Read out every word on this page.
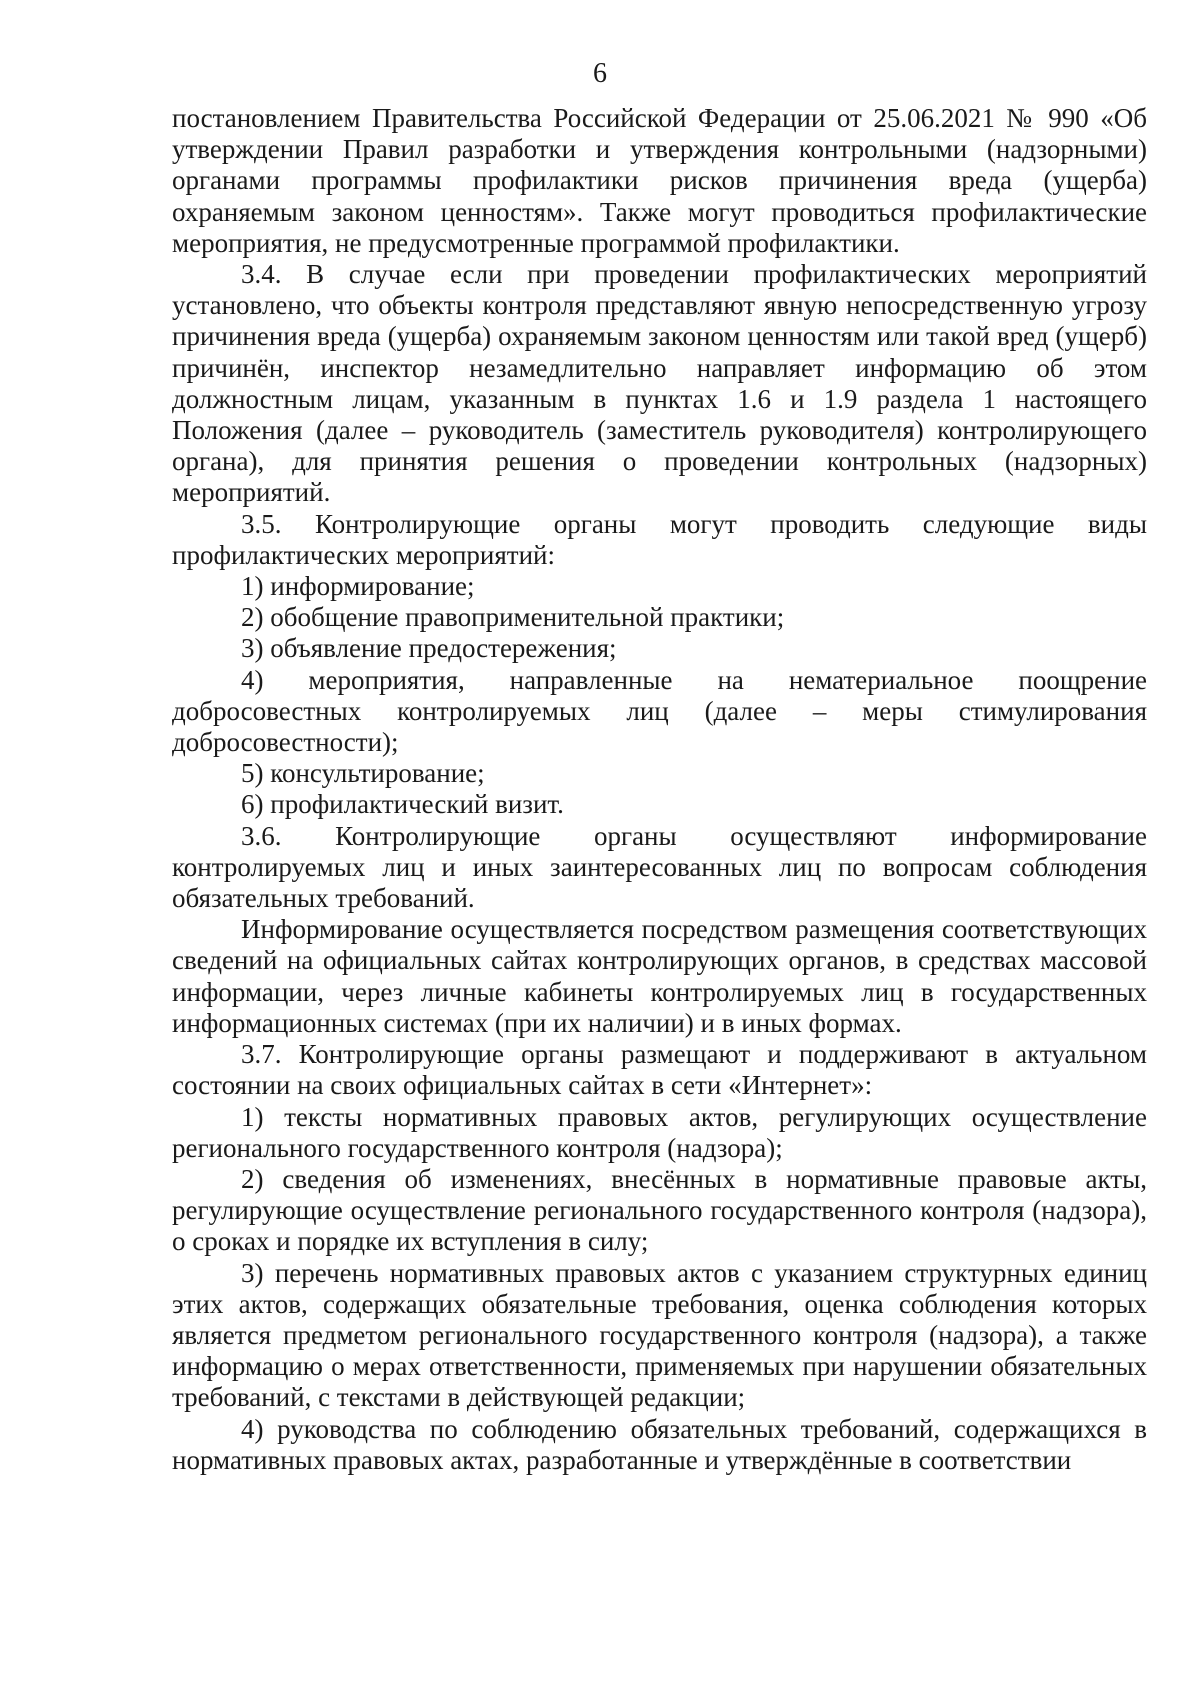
6

постановлением Правительства Российской Федерации от 25.06.2021 № 990 «Об утверждении Правил разработки и утверждения контрольными (надзорными) органами программы профилактики рисков причинения вреда (ущерба) охраняемым законом ценностям». Также могут проводиться профилактические мероприятия, не предусмотренные программой профилактики.

3.4. В случае если при проведении профилактических мероприятий установлено, что объекты контроля представляют явную непосредственную угрозу причинения вреда (ущерба) охраняемым законом ценностям или такой вред (ущерб) причинён, инспектор незамедлительно направляет информацию об этом должностным лицам, указанным в пунктах 1.6 и 1.9 раздела 1 настоящего Положения (далее – руководитель (заместитель руководителя) контролирующего органа), для принятия решения о проведении контрольных (надзорных) мероприятий.

3.5. Контролирующие органы могут проводить следующие виды профилактических мероприятий:

1) информирование;

2) обобщение правоприменительной практики;

3) объявление предостережения;

4) мероприятия, направленные на нематериальное поощрение добросовестных контролируемых лиц (далее – меры стимулирования добросовестности);

5) консультирование;

6) профилактический визит.

3.6. Контролирующие органы осуществляют информирование контролируемых лиц и иных заинтересованных лиц по вопросам соблюдения обязательных требований.

Информирование осуществляется посредством размещения соответствующих сведений на официальных сайтах контролирующих органов, в средствах массовой информации, через личные кабинеты контролируемых лиц в государственных информационных системах (при их наличии) и в иных формах.

3.7. Контролирующие органы размещают и поддерживают в актуальном состоянии на своих официальных сайтах в сети «Интернет»:

1) тексты нормативных правовых актов, регулирующих осуществление регионального государственного контроля (надзора);

2) сведения об изменениях, внесённых в нормативные правовые акты, регулирующие осуществление регионального государственного контроля (надзора), о сроках и порядке их вступления в силу;

3) перечень нормативных правовых актов с указанием структурных единиц этих актов, содержащих обязательные требования, оценка соблюдения которых является предметом регионального государственного контроля (надзора), а также информацию о мерах ответственности, применяемых при нарушении обязательных требований, с текстами в действующей редакции;

4) руководства по соблюдению обязательных требований, содержащихся в нормативных правовых актах, разработанные и утверждённые в соответствии
